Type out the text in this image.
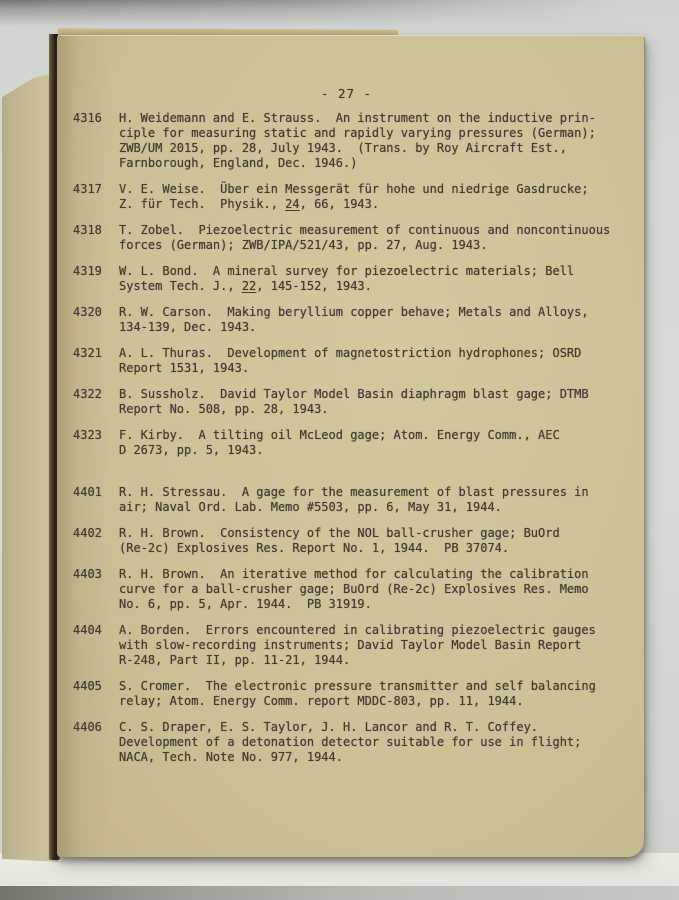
- 27 -
4316	H. Weidemann and E. Strauss.  An instrument on the inductive prin-
ciple for measuring static and rapidly varying pressures (German);
ZWB/UM 2015, pp. 28, July 1943.  (Trans. by Roy Aircraft Est.,
Farnborough, England, Dec. 1946.)
4317	V. E. Weise.  Über ein Messgerät für hohe und niedrige Gasdrucke;
Z. für Tech.  Physik., 24, 66, 1943.
4318	T. Zobel.  Piezoelectric measurement of continuous and noncontinuous
forces (German); ZWB/IPA/521/43, pp. 27, Aug. 1943.
4319	W. L. Bond.  A mineral survey for piezoelectric materials; Bell
System Tech. J., 22, 145-152, 1943.
4320	R. W. Carson.  Making beryllium copper behave; Metals and Alloys,
134-139, Dec. 1943.
4321	A. L. Thuras.  Development of magnetostriction hydrophones; OSRD
Report 1531, 1943.
4322	B. Sussholz.  David Taylor Model Basin diaphragm blast gage; DTMB
Report No. 508, pp. 28, 1943.
4323	F. Kirby.  A tilting oil McLeod gage; Atom. Energy Comm., AEC
D 2673, pp. 5, 1943.
4401	R. H. Stressau.  A gage for the measurement of blast pressures in
air; Naval Ord. Lab. Memo #5503, pp. 6, May 31, 1944.
4402	R. H. Brown.  Consistency of the NOL ball-crusher gage; BuOrd
(Re-2c) Explosives Res. Report No. 1, 1944.  PB 37074.
4403	R. H. Brown.  An iterative method for calculating the calibration
curve for a ball-crusher gage; BuOrd (Re-2c) Explosives Res. Memo
No. 6, pp. 5, Apr. 1944.  PB 31919.
4404	A. Borden.  Errors encountered in calibrating piezoelectric gauges
with slow-recording instruments; David Taylor Model Basin Report
R-248, Part II, pp. 11-21, 1944.
4405	S. Cromer.  The electronic pressure transmitter and self balancing
relay; Atom. Energy Comm. report MDDC-803, pp. 11, 1944.
4406	C. S. Draper, E. S. Taylor, J. H. Lancor and R. T. Coffey.
Development of a detonation detector suitable for use in flight;
NACA, Tech. Note No. 977, 1944.
